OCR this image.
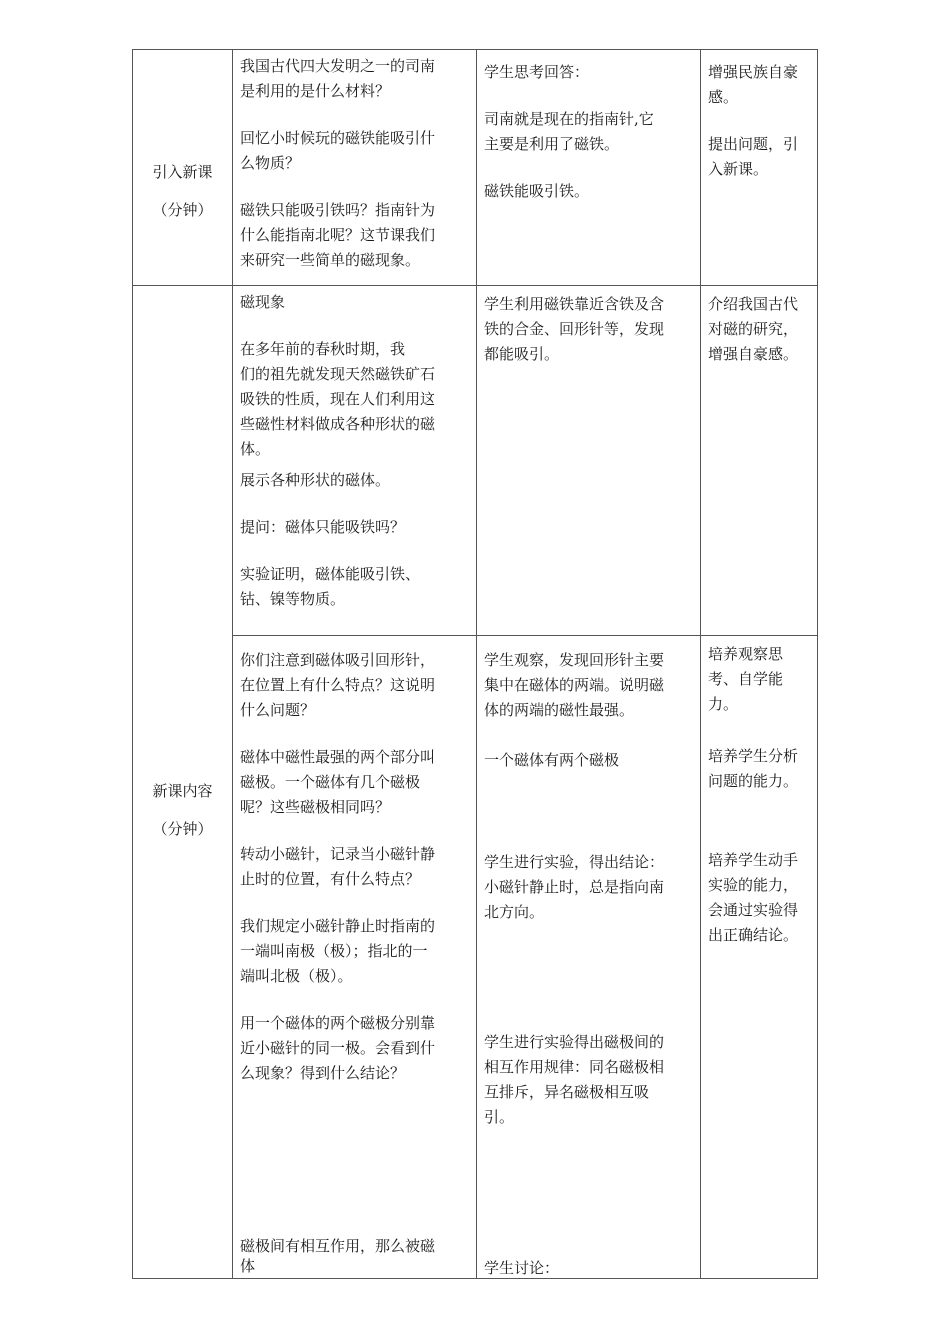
引入新课

（分钟）

我国古代四大发明之一的司南

是利用的是什么材料？

回忆小时候玩的磁铁能吸引什

么物质？

磁铁只能吸引铁吗？指南针为

什么能指南北呢？这节课我们

来研究一些简单的磁现象。

学生思考回答：

司南就是现在的指南针,它

主要是利用了磁铁。

磁铁能吸引铁。

增强民族自豪

感。

提出问题，引

入新课。

新课内容

（分钟）

磁现象

在多年前的春秋时期，我

们的祖先就发现天然磁铁矿石

吸铁的性质，现在人们利用这

些磁性材料做成各种形状的磁

体。

展示各种形状的磁体。

提问：磁体只能吸铁吗？

实验证明，磁体能吸引铁、

钴、镍等物质。

学生利用磁铁靠近含铁及含

铁的合金、回形针等，发现

都能吸引。

介绍我国古代

对磁的研究，

增强自豪感。

你们注意到磁体吸引回形针，

在位置上有什么特点？这说明

什么问题？

磁体中磁性最强的两个部分叫

磁极。一个磁体有几个磁极

呢？这些磁极相同吗？

转动小磁针，记录当小磁针静

止时的位置，有什么特点？

我们规定小磁针静止时指南的

一端叫南极（极）；指北的一

端叫北极（极）。

用一个磁体的两个磁极分别靠

近小磁针的同一极。会看到什

么现象？得到什么结论？

磁极间有相互作用，那么被磁

体

学生观察，发现回形针主要

集中在磁体的两端。说明磁

体的两端的磁性最强。

一个磁体有两个磁极

学生进行实验，得出结论：

小磁针静止时，总是指向南

北方向。

学生进行实验得出磁极间的

相互作用规律：同名磁极相

互排斥，异名磁极相互吸

引。

学生讨论：

培养观察思

考、自学能

力。

培养学生分析

问题的能力。

培养学生动手

实验的能力，

会通过实验得

出正确结论。
